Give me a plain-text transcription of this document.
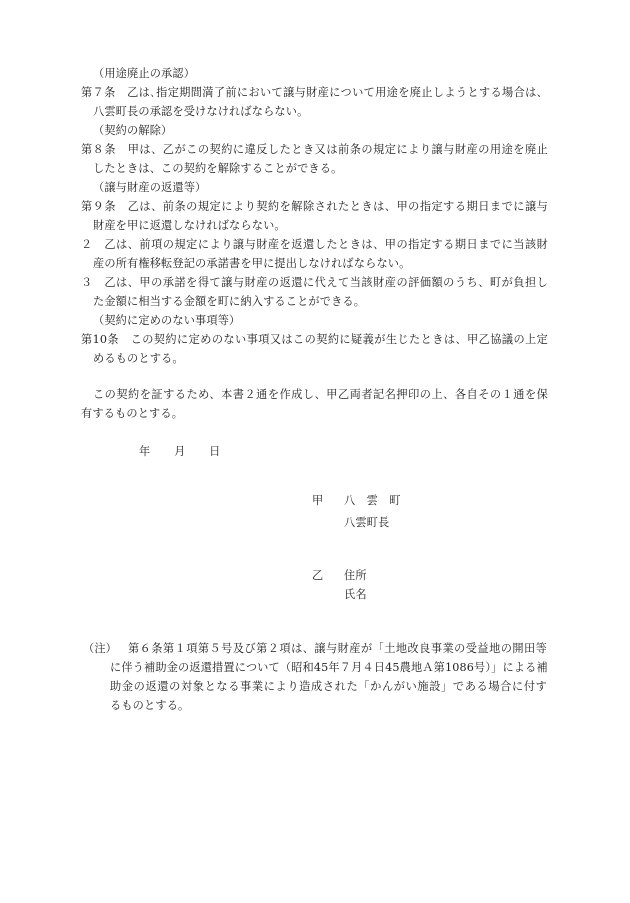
（用途廃止の承認）
第７条　乙は､指定期間満了前において譲与財産について用途を廃止しようとする場合は、
八雲町長の承認を受けなければならない。
（契約の解除）
第８条　甲は、乙がこの契約に違反したとき又は前条の規定により譲与財産の用途を廃止
したときは、この契約を解除することができる。
（譲与財産の返還等）
第９条　乙は、前条の規定により契約を解除されたときは、甲の指定する期日までに譲与
財産を甲に返還しなければならない。
２　乙は、前項の規定により譲与財産を返還したときは、甲の指定する期日までに当該財
産の所有権移転登記の承諾書を甲に提出しなければならない。
３　乙は、甲の承諾を得て譲与財産の返還に代えて当該財産の評価額のうち、町が負担し
た金額に相当する金額を町に納入することができる。
（契約に定めのない事項等）
第10条　この契約に定めのない事項又はこの契約に疑義が生じたときは、甲乙協議の上定
めるものとする。
この契約を証するため、本書２通を作成し、甲乙両者記名押印の上、各自その１通を保
有するものとする。
年　　月　　日
甲 八　雲　町
八雲町長
乙 住所
氏名
（注） 第６条第１項第５号及び第２項は、譲与財産が「土地改良事業の受益地の開田等
に伴う補助金の返還措置について（昭和45年７月４日45農地Ａ第1086号）」による補
助金の返還の対象となる事業により造成された「かんがい施設」である場合に付す
るものとする。
